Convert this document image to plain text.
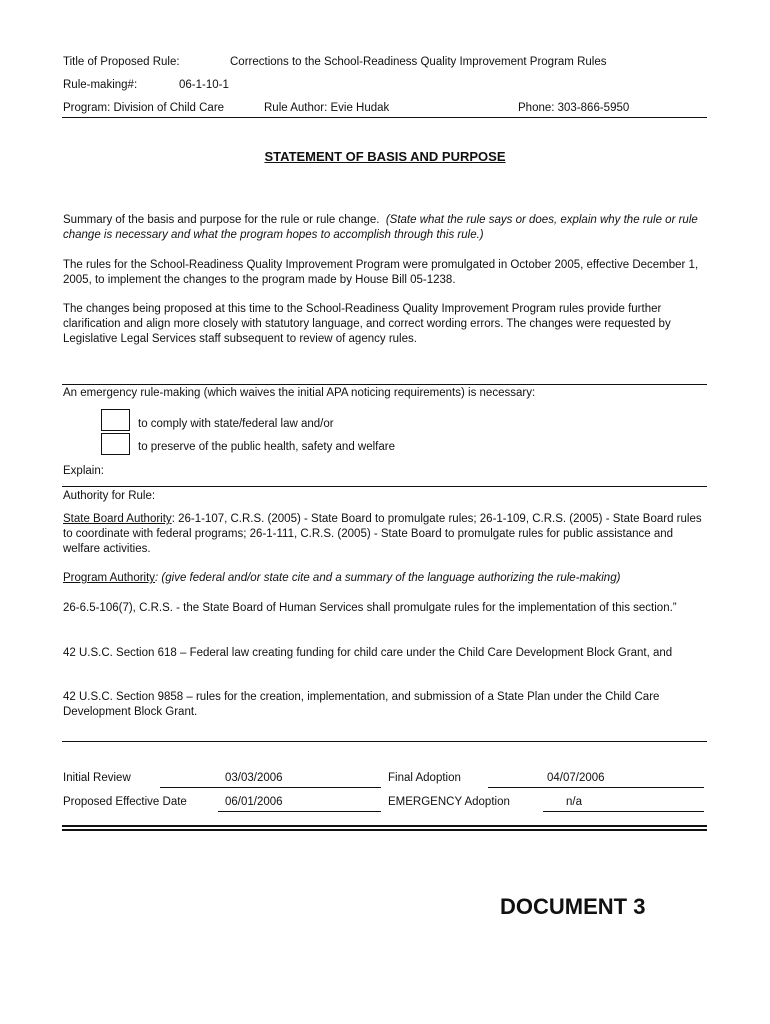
Title of Proposed Rule:	Corrections to the School-Readiness Quality Improvement Program Rules
Rule-making#:	06-1-10-1
Program: Division of Child Care	Rule Author: Evie Hudak	Phone: 303-866-5950
STATEMENT OF BASIS AND PURPOSE
Summary of the basis and purpose for the rule or rule change. (State what the rule says or does, explain why the rule or rule change is necessary and what the program hopes to accomplish through this rule.)
The rules for the School-Readiness Quality Improvement Program were promulgated in October 2005, effective December 1, 2005, to implement the changes to the program made by House Bill 05-1238.
The changes being proposed at this time to the School-Readiness Quality Improvement Program rules provide further clarification and align more closely with statutory language, and correct wording errors. The changes were requested by Legislative Legal Services staff subsequent to review of agency rules.
An emergency rule-making (which waives the initial APA noticing requirements) is necessary:
to comply with state/federal law and/or
to preserve of the public health, safety and welfare
Explain:
Authority for Rule:
State Board Authority: 26-1-107, C.R.S. (2005) - State Board to promulgate rules; 26-1-109, C.R.S. (2005) - State Board rules to coordinate with federal programs; 26-1-111, C.R.S. (2005) - State Board to promulgate rules for public assistance and welfare activities.
Program Authority: (give federal and/or state cite and a summary of the language authorizing the rule-making)
26-6.5-106(7), C.R.S. - the State Board of Human Services shall promulgate rules for the implementation of this section.”
42 U.S.C. Section 618 – Federal law creating funding for child care under the Child Care Development Block Grant, and
42 U.S.C. Section 9858 – rules for the creation, implementation, and submission of a State Plan under the Child Care Development Block Grant.
Initial Review	03/03/2006	Final Adoption	04/07/2006
Proposed Effective Date	06/01/2006	EMERGENCY Adoption	n/a
DOCUMENT 3
